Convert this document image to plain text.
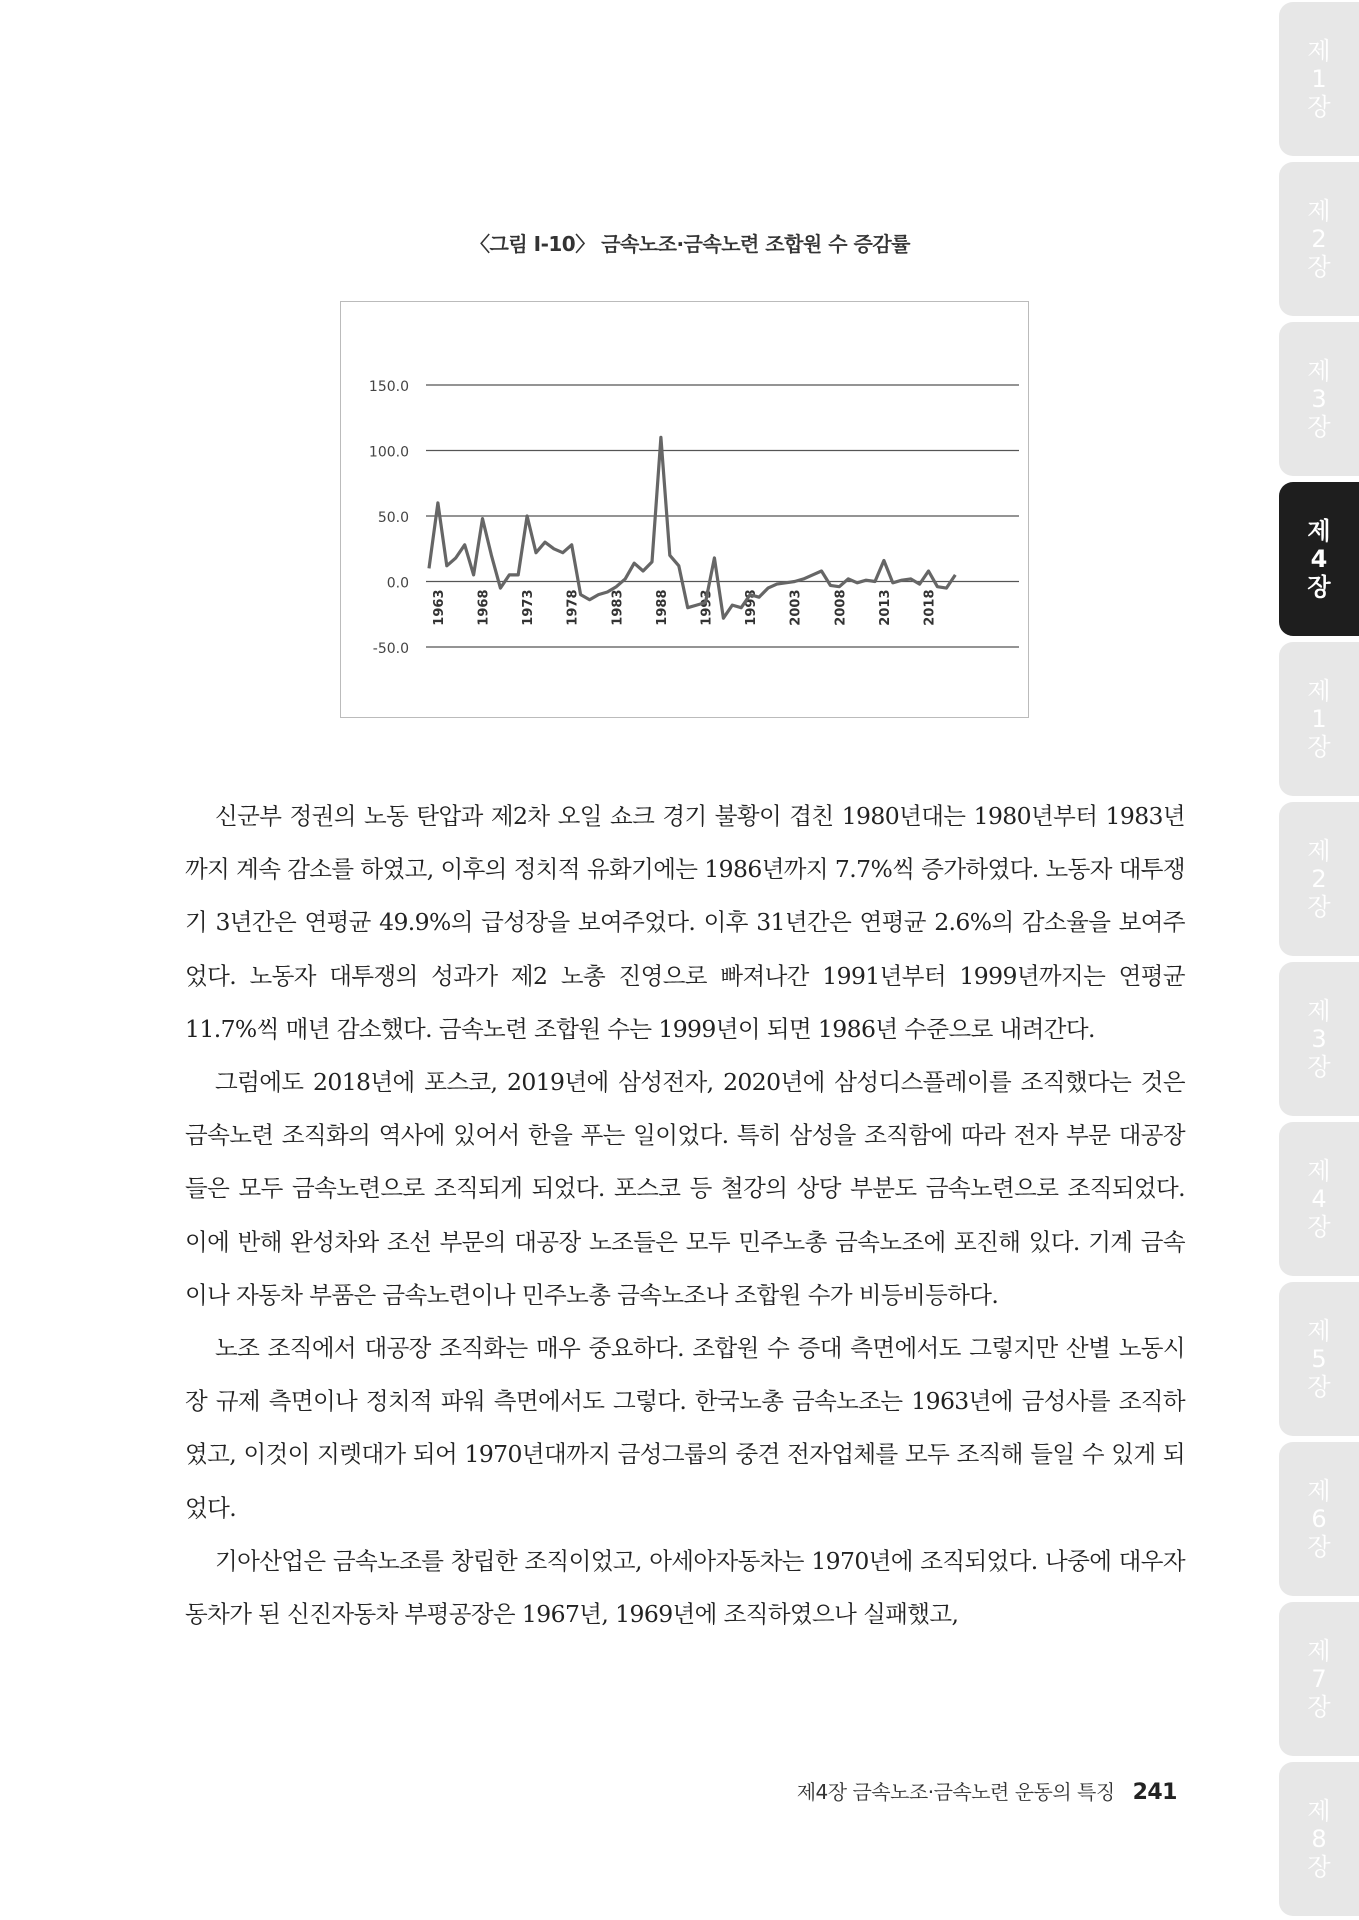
〈그림 Ⅰ-10〉 금속노조·금속노련 조합원 수 증감률
150.0
100.0
50.0
0.0
-50.0
1963 1968 1973 1978 1983 1988 1993 1998 2003 2008 2013 2018

신군부 정권의 노동 탄압과 제2차 오일 쇼크 경기 불황이 겹친 1980년대는 1980년부터 1983년까지 계속 감소를 하였고, 이후의 정치적 유화기에는 1986년까지 7.7%씩 증가하였다. 노동자 대투쟁기 3년간은 연평균 49.9%의 급성장을 보여주었다. 이후 31년간은 연평균 2.6%의 감소율을 보여주었다. 노동자 대투쟁의 성과가 제2 노총 진영으로 빠져나간 1991년부터 1999년까지는 연평균 11.7%씩 매년 감소했다. 금속노련 조합원 수는 1999년이 되면 1986년 수준으로 내려간다.

그럼에도 2018년에 포스코, 2019년에 삼성전자, 2020년에 삼성디스플레이를 조직했다는 것은 금속노련 조직화의 역사에 있어서 한을 푸는 일이었다. 특히 삼성을 조직함에 따라 전자 부문 대공장들은 모두 금속노련으로 조직되게 되었다. 포스코 등 철강의 상당 부분도 금속노련으로 조직되었다. 이에 반해 완성차와 조선 부문의 대공장 노조들은 모두 민주노총 금속노조에 포진해 있다. 기계 금속이나 자동차 부품은 금속노련이나 민주노총 금속노조나 조합원 수가 비등비등하다.

노조 조직에서 대공장 조직화는 매우 중요하다. 조합원 수 증대 측면에서도 그렇지만 산별 노동시장 규제 측면이나 정치적 파워 측면에서도 그렇다. 한국노총 금속노조는 1963년에 금성사를 조직하였고, 이것이 지렛대가 되어 1970년대까지 금성그룹의 중견 전자업체를 모두 조직해 들일 수 있게 되었다.

기아산업은 금속노조를 창립한 조직이었고, 아세아자동차는 1970년에 조직되었다. 나중에 대우자동차가 된 신진자동차 부평공장은 1967년, 1969년에 조직하였으나 실패했고,

제4장 금속노조·금속노련 운동의 특징 241
제
1
장
제
2
장
제
3
장
제
4
장
제
1
장
제
2
장
제
3
장
제
4
장
제
5
장
제
6
장
제
7
장
제
8
장
